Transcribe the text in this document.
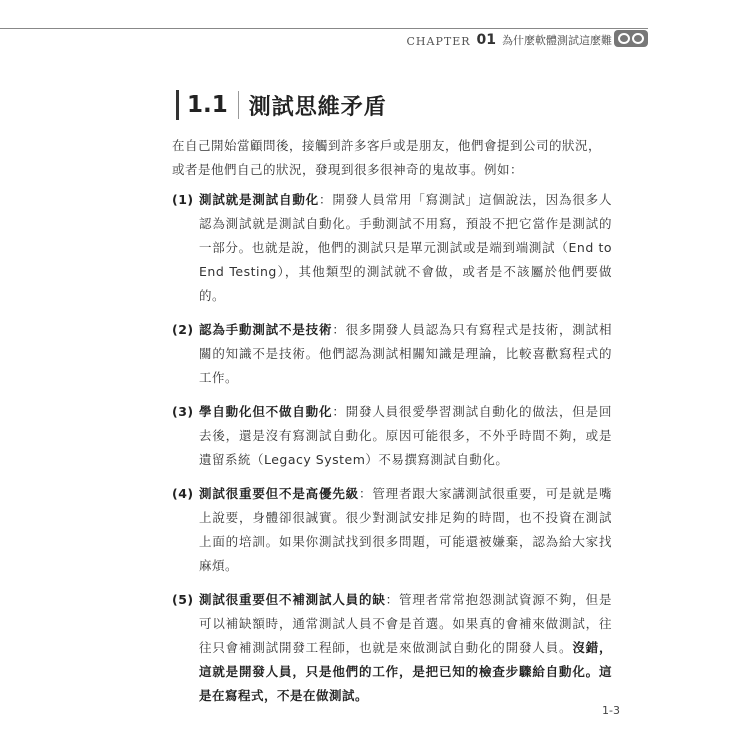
CHAPTER 01 為什麼軟體測試這麼難
1.1 測試思維矛盾

在自己開始當顧問後，接觸到許多客戶或是朋友，他們會提到公司的狀況，或者是他們自己的狀況，發現到很多很神奇的鬼故事。例如：

(1) 測試就是測試自動化：開發人員常用「寫測試」這個說法，因為很多人認為測試就是測試自動化。手動測試不用寫，預設不把它當作是測試的一部分。也就是說，他們的測試只是單元測試或是端到端測試（End to End Testing），其他類型的測試就不會做，或者是不該屬於他們要做的。
(2) 認為手動測試不是技術：很多開發人員認為只有寫程式是技術，測試相關的知識不是技術。他們認為測試相關知識是理論，比較喜歡寫程式的工作。
(3) 學自動化但不做自動化：開發人員很愛學習測試自動化的做法，但是回去後，還是沒有寫測試自動化。原因可能很多，不外乎時間不夠，或是遺留系統（Legacy System）不易撰寫測試自動化。
(4) 測試很重要但不是高優先級：管理者跟大家講測試很重要，可是就是嘴上說要，身體卻很誠實。很少對測試安排足夠的時間，也不投資在測試上面的培訓。如果你測試找到很多問題，可能還被嫌棄，認為給大家找麻煩。
(5) 測試很重要但不補測試人員的缺：管理者常常抱怨測試資源不夠，但是可以補缺額時，通常測試人員不會是首選。如果真的會補來做測試，往往只會補測試開發工程師，也就是來做測試自動化的開發人員。沒錯，這就是開發人員，只是他們的工作，是把已知的檢查步驟給自動化。這是在寫程式，不是在做測試。
1-3
